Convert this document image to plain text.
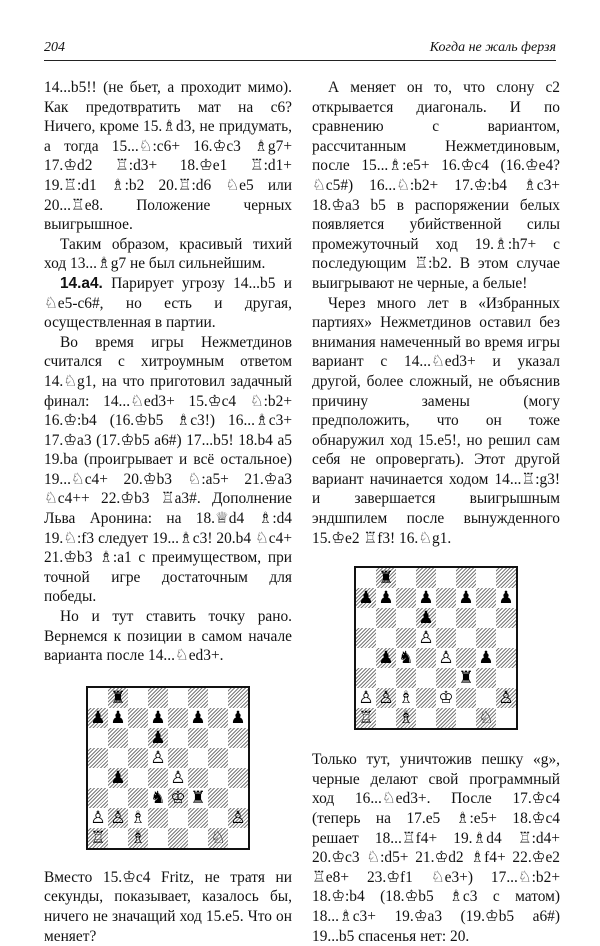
204	Когда не жаль ферзя

14...b5!! (не бьет, а проходит мимо). Как предотвратить мат на c6? Ничего, кроме 15.♗d3, не придумать, а тогда 15...♘:c6+ 16.♔c3 ♗g7+ 17.♔d2 ♖:d3+ 18.♔e1 ♖:d1+ 19.♖:d1 ♗:b2 20.♖:d6 ♘e5 или 20...♖e8. Положение черных выигрышное.

Таким образом, красивый тихий ход 13...♗g7 не был сильнейшим.

14.a4. Парирует угрозу 14...b5 и ♘e5-c6#, но есть и другая, осуществленная в партии.

Во время игры Нежметдинов считался с хитроумным ответом 14.♘g1, на что приготовил задачный финал: 14...♘ed3+ 15.♔c4 ♘:b2+ 16.♔:b4 (16.♔b5 ♗c3!) 16...♗c3+ 17.♔a3 (17.♔b5 a6#) 17...b5! 18.b4 a5 19.ba (проигрывает и всё остальное) 19...♘c4+ 20.♔b3 ♘:a5+ 21.♔a3 ♘c4++ 22.♔b3 ♖a3#. Дополнение Льва Аронина: на 18.♕d4 ♗:d4 19.♘:f3 следует 19...♗c3! 20.b4 ♘c4+ 21.♔b3 ♗:a1 с преимуществом, при точной игре достаточным для победы.

Но и тут ставить точку рано. Вернемся к позиции в самом начале варианта после 14...♘ed3+.

♜
♟ ♟ ♟ ♟ ♟
♟
♙
♟	♙
♞ ♔ ♜
♙ ♙ ♗	♙
♖ ♗	♘

Вместо 15.♔c4 Fritz, не тратя ни секунды, показывает, казалось бы, ничего не значащий ход 15.e5. Что он меняет?

А меняет он то, что слону c2 открывается диагональ. И по сравнению с вариантом, рассчитанным Нежметдиновым, после 15...♗:e5+ 16.♔c4 (16.♔e4? ♘c5#) 16...♘:b2+ 17.♔:b4 ♗c3+ 18.♔a3 b5 в распоряжении белых появляется убийственной силы промежуточный ход 19.♗:h7+ с последующим ♖:b2. В этом случае выигрывают не черные, а белые!

Через много лет в «Избранных партиях» Нежметдинов оставил без внимания намеченный во время игры вариант с 14...♘ed3+ и указал другой, более сложный, не объяснив причину замены (могу предположить, что он тоже обнаружил ход 15.e5!, но решил сам себя не опровергать). Этот другой вариант начинается ходом 14...♖:g3! и завершается выигрышным эндшпилем после вынужденного 15.♔e2 ♖f3! 16.♘g1.

♜
♟ ♟ ♟ ♟ ♟
♟
♙
♟ ♞ ♙ ♟
♜
♙ ♙ ♗ ♔	♙
♖ ♗	♘

Только тут, уничтожив пешку «g», черные делают свой программный ход 16...♘ed3+. После 17.♔c4 (теперь на 17.e5 ♗:e5+ 18.♔c4 решает 18...♖f4+ 19.♗d4 ♖:d4+ 20.♔c3 ♘:d5+ 21.♔d2 ♗f4+ 22.♔e2 ♖e8+ 23.♔f1 ♘e3+) 17...♘:b2+ 18.♔:b4 (18.♔b5 ♗c3 с матом) 18...♗c3+ 19.♔a3 (19.♔b5 a6#) 19...b5 спасенья нет: 20.
